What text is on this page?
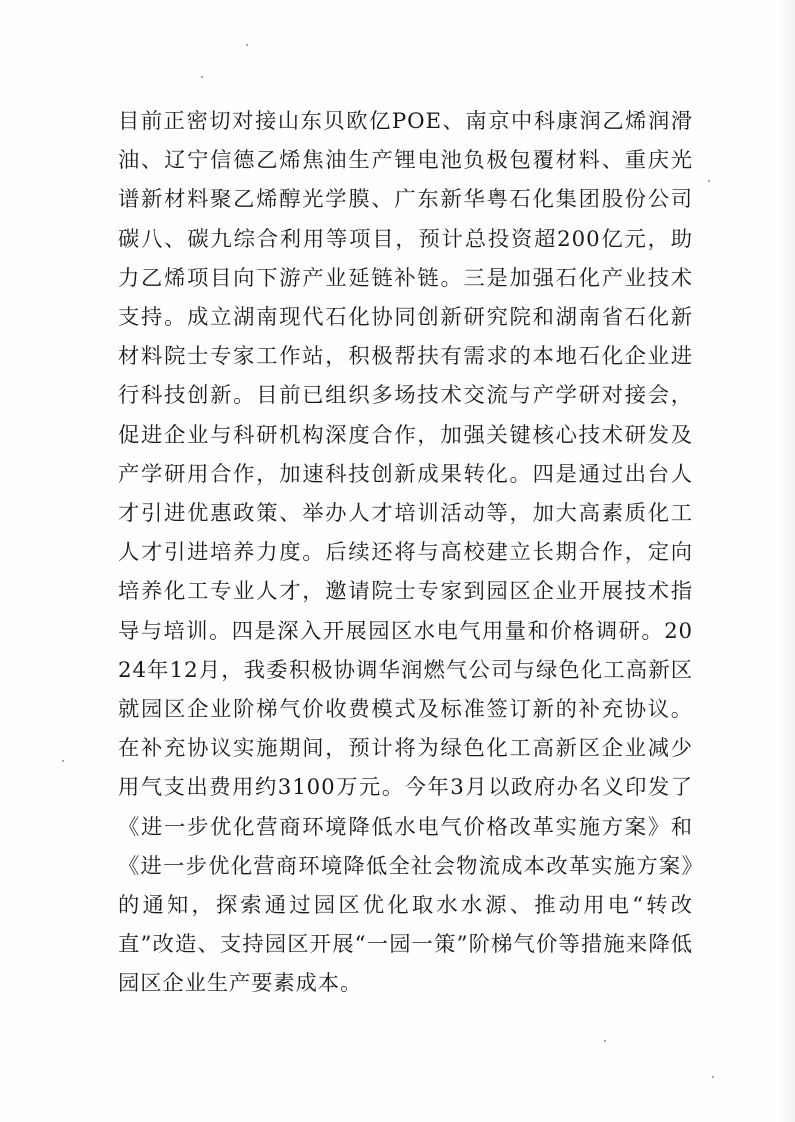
目前正密切对接山东贝欧亿POE、南京中科康润乙烯润滑油、辽宁信德乙烯焦油生产锂电池负极包覆材料、重庆光谱新材料聚乙烯醇光学膜、广东新华粤石化集团股份公司碳八、碳九综合利用等项目，预计总投资超200亿元，助力乙烯项目向下游产业延链补链。三是加强石化产业技术支持。成立湖南现代石化协同创新研究院和湖南省石化新材料院士专家工作站，积极帮扶有需求的本地石化企业进行科技创新。目前已组织多场技术交流与产学研对接会，促进企业与科研机构深度合作，加强关键核心技术研发及产学研用合作，加速科技创新成果转化。四是通过出台人才引进优惠政策、举办人才培训活动等，加大高素质化工人才引进培养力度。后续还将与高校建立长期合作，定向培养化工专业人才，邀请院士专家到园区企业开展技术指导与培训。四是深入开展园区水电气用量和价格调研。2024年12月，我委积极协调华润燃气公司与绿色化工高新区就园区企业阶梯气价收费模式及标准签订新的补充协议。在补充协议实施期间，预计将为绿色化工高新区企业减少用气支出费用约3100万元。今年3月以政府办名义印发了《进一步优化营商环境降低水电气价格改革实施方案》和《进一步优化营商环境降低全社会物流成本改革实施方案》的通知，探索通过园区优化取水水源、推动用电“转改直”改造、支持园区开展“一园一策”阶梯气价等措施来降低园区企业生产要素成本。
